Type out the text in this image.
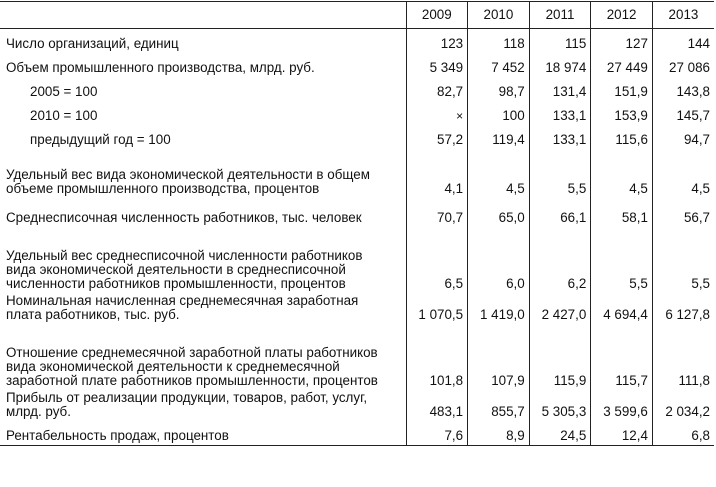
	2009	2010	2011	2012	2013
Число организаций, единиц	123	118	115	127	144
Объем промышленного производства, млрд. руб.	5 349	7 452	18 974	27 449	27 086
2005 = 100	82,7	98,7	131,4	151,9	143,8
2010 = 100	×	100	133,1	153,9	145,7
предыдущий год = 100	57,2	119,4	133,1	115,6	94,7
Удельный вес вида экономической деятельности в общем объеме промышленного производства, процентов	4,1	4,5	5,5	4,5	4,5
Среднесписочная численность работников, тыс. человек	70,7	65,0	66,1	58,1	56,7
Удельный вес среднесписочной численности работников вида экономической деятельности в среднесписочной численности работников промышленности, процентов	6,5	6,0	6,2	5,5	5,5
Номинальная начисленная среднемесячная заработная плата работников, тыс. руб.	1 070,5	1 419,0	2 427,0	4 694,4	6 127,8
Отношение среднемесячной заработной платы работников вида экономической деятельности к среднемесячной заработной плате работников промышленности, процентов	101,8	107,9	115,9	115,7	111,8
Прибыль от реализации продукции, товаров, работ, услуг, млрд. руб.	483,1	855,7	5 305,3	3 599,6	2 034,2
Рентабельность продаж, процентов	7,6	8,9	24,5	12,4	6,8
